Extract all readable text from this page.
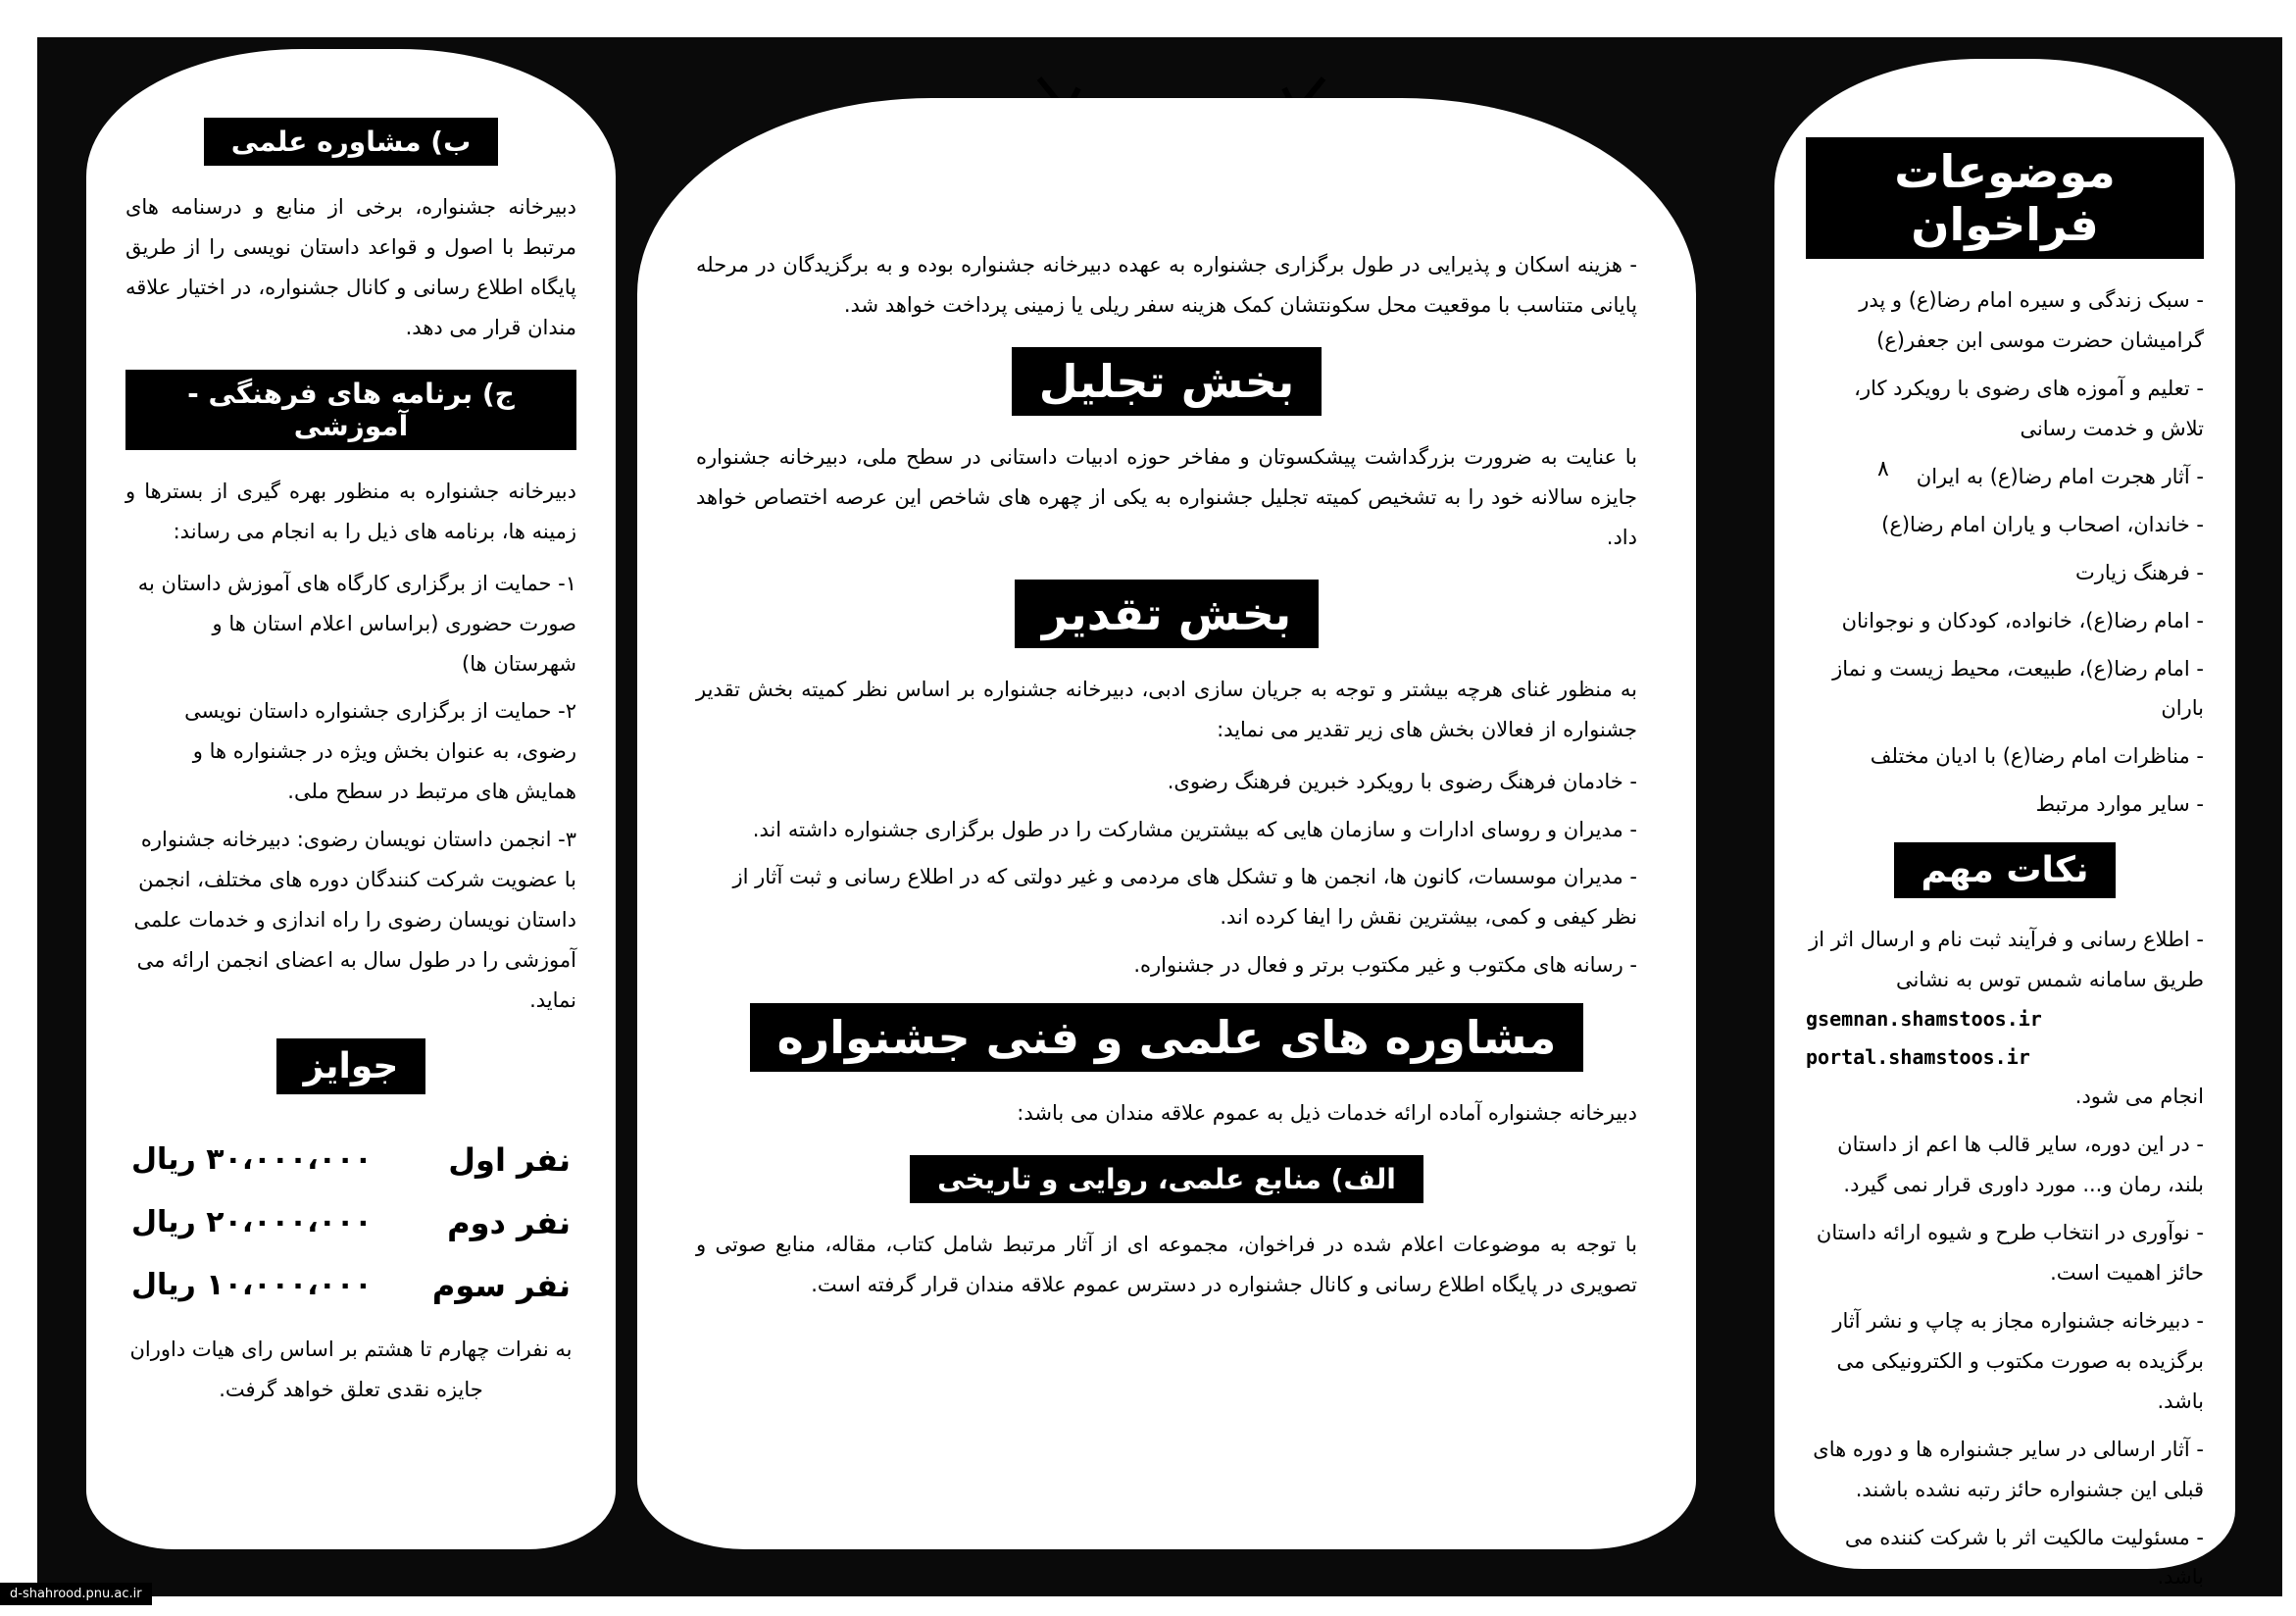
موضوعات فراخوان
- سبک زندگی و سیره امام رضا(ع) و پدر گرامیشان حضرت موسی ابن جعفر(ع)
- تعلیم و آموزه های رضوی با رویکرد کار، تلاش و خدمت رسانی
- آثار هجرت امام رضا(ع) به ایران
- خاندان، اصحاب و یاران امام رضا(ع)
- فرهنگ زیارت
- امام رضا(ع)، خانواده، کودکان و نوجوانان
- امام رضا(ع)، طبیعت، محیط زیست و نماز باران
- مناظرات امام رضا(ع) با ادیان مختلف
- سایر موارد مرتبط
نکات مهم
- اطلاع رسانی و فرآیند ثبت نام و ارسال اثر از طریق سامانه شمس توس به نشانی
gsemnan.shamstoos.ir
portal.shamstoos.ir
انجام می شود.
- در این دوره، سایر قالب ها اعم از داستان بلند، رمان و... مورد داوری قرار نمی گیرد.
- نوآوری در انتخاب طرح و شیوه ارائه داستان حائز اهمیت است.
- دبیرخانه جشنواره مجاز به چاپ و نشر آثار برگزیده به صورت مکتوب و الکترونیکی می باشد.
- آثار ارسالی در سایر جشنواره ها و دوره های قبلی این جشنواره حائز رتبه نشده باشند.
- مسئولیت مالکیت اثر با شرکت کننده می باشد.
۸

- هزینه اسکان و پذیرایی در طول برگزاری جشنواره به عهده دبیرخانه جشنواره بوده و به برگزیدگان در مرحله پایانی متناسب با موقعیت محل سکونتشان کمک هزینه سفر ریلی یا زمینی پرداخت خواهد شد.

بخش تجلیل

با عنایت به ضرورت بزرگداشت پیشکسوتان و مفاخر حوزه ادبیات داستانی در سطح ملی، دبیرخانه جشنواره جایزه سالانه خود را به تشخیص کمیته تجلیل جشنواره به یکی از چهره های شاخص این عرصه اختصاص خواهد داد.

بخش تقدیر

به منظور غنای هرچه بیشتر و توجه به جریان سازی ادبی، دبیرخانه جشنواره بر اساس نظر کمیته بخش تقدیر جشنواره از فعالان بخش های زیر تقدیر می نماید:

- خادمان فرهنگ رضوی با رویکرد خبرین فرهنگ رضوی.
- مدیران و روسای ادارات و سازمان هایی که بیشترین مشارکت را در طول برگزاری جشنواره داشته اند.
- مدیران موسسات، کانون ها، انجمن ها و تشکل های مردمی و غیر دولتی که در اطلاع رسانی و ثبت آثار از نظر کیفی و کمی، بیشترین نقش را ایفا کرده اند.
- رسانه های مکتوب و غیر مکتوب برتر و فعال در جشنواره.
مشاوره های علمی و فنی جشنواره

دبیرخانه جشنواره آماده ارائه خدمات ذیل به عموم علاقه مندان می باشد:

الف) منابع علمی، روایی و تاریخی

با توجه به موضوعات اعلام شده در فراخوان، مجموعه ای از آثار مرتبط شامل کتاب، مقاله، منابع صوتی و تصویری در پایگاه اطلاع رسانی و کانال جشنواره در دسترس عموم علاقه مندان قرار گرفته است.

ب) مشاوره علمی

دبیرخانه جشنواره، برخی از منابع و درسنامه های مرتبط با اصول و قواعد داستان نویسی را از طریق پایگاه اطلاع رسانی و کانال جشنواره، در اختیار علاقه مندان قرار می دهد.

ج) برنامه های فرهنگی - آموزشی

دبیرخانه جشنواره به منظور بهره گیری از بسترها و زمینه ها، برنامه های ذیل را به انجام می رساند:

۱- حمایت از برگزاری کارگاه های آموزش داستان به صورت حضوری (براساس اعلام استان ها و شهرستان ها)
۲- حمایت از برگزاری جشنواره داستان نویسی رضوی، به عنوان بخش ویژه در جشنواره ها و همایش های مرتبط در سطح ملی.
۳- انجمن داستان نویسان رضوی: دبیرخانه جشنواره با عضویت شرکت کنندگان دوره های مختلف، انجمن داستان نویسان رضوی را راه اندازی و خدمات علمی آموزشی را در طول سال به اعضای انجمن ارائه می نماید.
جوایز
نفر اول
۳۰،۰۰۰،۰۰۰ ریال
نفر دوم
۲۰،۰۰۰،۰۰۰ ریال
نفر سوم
۱۰،۰۰۰،۰۰۰ ریال

به نفرات چهارم تا هشتم بر اساس رای هیات داوران جایزه نقدی تعلق خواهد گرفت.

d-shahrood.pnu.ac.ir
